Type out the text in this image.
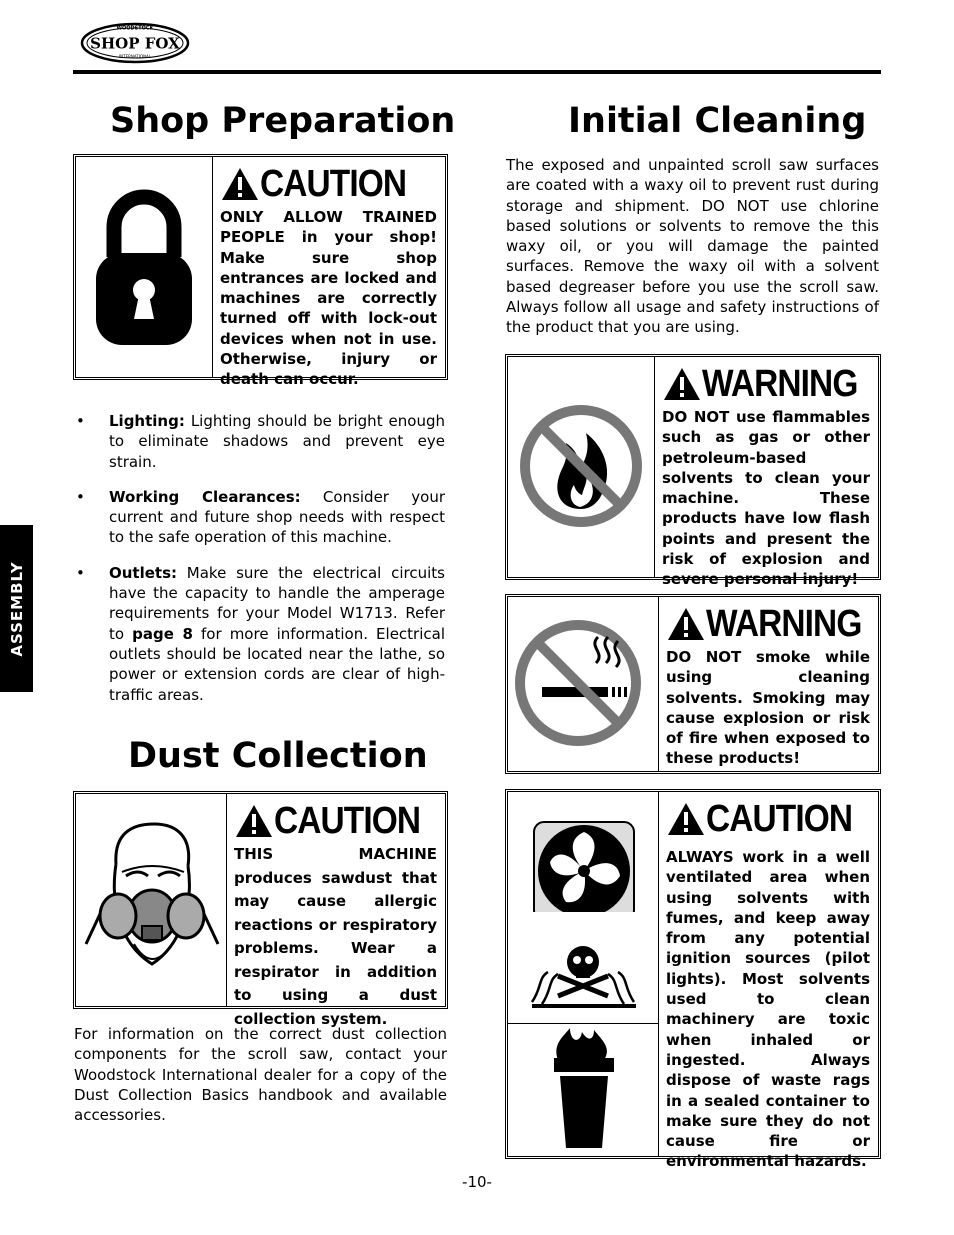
WOODSTOCK
SHOP FOX
INTERNATIONAL
ASSEMBLY
Shop Preparation
CAUTION

ONLY ALLOW TRAINED PEOPLE in your shop! Make sure shop entrances are locked and machines are correctly turned off with lock-out devices when not in use. Otherwise, injury or death can occur.

• Lighting: Lighting should be bright enough to eliminate shadows and prevent eye strain.
• Working Clearances: Consider your current and future shop needs with respect to the safe operation of this machine.
• Outlets: Make sure the electrical circuits have the capacity to handle the amperage requirements for your Model W1713. Refer to page 8 for more information. Electrical outlets should be located near the lathe, so power or extension cords are clear of high-traffic areas.
Dust Collection
CAUTION

THIS MACHINE produces sawdust that may cause allergic reactions or respiratory problems. Wear a respirator in addition to using a dust collection system.

For information on the correct dust collection components for the scroll saw, contact your Woodstock International dealer for a copy of the Dust Collection Basics handbook and available accessories.

Initial Cleaning

The exposed and unpainted scroll saw surfaces are coated with a waxy oil to prevent rust during storage and shipment. DO NOT use chlorine based solutions or solvents to remove the this waxy oil, or you will damage the painted surfaces. Remove the waxy oil with a solvent based degreaser before you use the scroll saw. Always follow all usage and safety instructions of the product that you are using.

WARNING

DO NOT use flammables such as gas or other petroleum-based solvents to clean your machine. These products have low flash points and present the risk of explosion and severe personal injury!

WARNING

DO NOT smoke while using cleaning solvents. Smoking may cause explosion or risk of fire when exposed to these products!

CAUTION

ALWAYS work in a well ventilated area when using solvents with fumes, and keep away from any potential ignition sources (pilot lights). Most solvents used to clean machinery are toxic when inhaled or ingested. Always dispose of waste rags in a sealed container to make sure they do not cause fire or environmental hazards.

-10-
